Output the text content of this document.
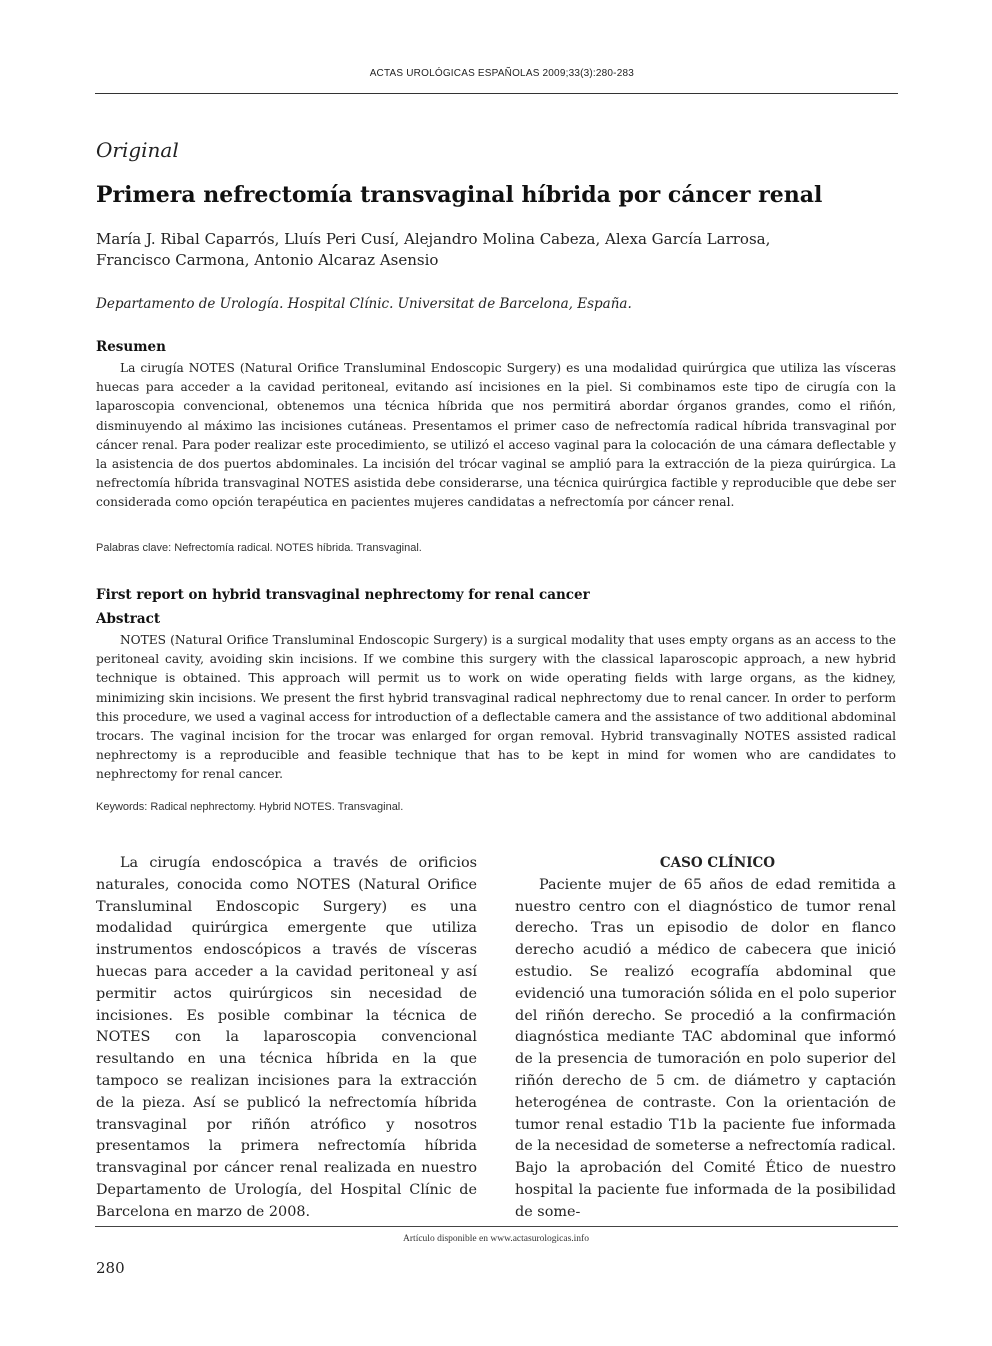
ACTAS UROLÓGICAS ESPAÑOLAS 2009;33(3):280-283
Original
Primera nefrectomía transvaginal híbrida por cáncer renal
María J. Ribal Caparrós, Lluís Peri Cusí, Alejandro Molina Cabeza, Alexa García Larrosa,
Francisco Carmona, Antonio Alcaraz Asensio
Departamento de Urología. Hospital Clínic. Universitat de Barcelona, España.
Resumen

La cirugía NOTES (Natural Orifice Transluminal Endoscopic Surgery) es una modalidad quirúrgica que utiliza las vísceras huecas para acceder a la cavidad peritoneal, evitando así incisiones en la piel. Si combinamos este tipo de cirugía con la laparoscopia convencional, obtenemos una técnica híbrida que nos permitirá abordar órganos grandes, como el riñón, disminuyendo al máximo las incisiones cutáneas. Presentamos el primer caso de nefrectomía radical híbrida transvaginal por cáncer renal. Para poder realizar este procedimiento, se utilizó el acceso vaginal para la colocación de una cámara deflectable y la asistencia de dos puertos abdominales. La incisión del trócar vaginal se amplió para la extracción de la pieza quirúrgica. La nefrectomía híbrida transvaginal NOTES asistida debe considerarse, una técnica quirúrgica factible y reproducible que debe ser considerada como opción terapéutica en pacientes mujeres candidatas a nefrectomía por cáncer renal.

Palabras clave: Nefrectomía radical. NOTES híbrida. Transvaginal.
First report on hybrid transvaginal nephrectomy for renal cancer
Abstract

NOTES (Natural Orifice Transluminal Endoscopic Surgery) is a surgical modality that uses empty organs as an access to the peritoneal cavity, avoiding skin incisions. If we combine this surgery with the classical laparoscopic approach, a new hybrid technique is obtained. This approach will permit us to work on wide operating fields with large organs, as the kidney, minimizing skin incisions. We present the first hybrid transvaginal radical nephrectomy due to renal cancer. In order to perform this procedure, we used a vaginal access for introduction of a deflectable camera and the assistance of two additional abdominal trocars. The vaginal incision for the trocar was enlarged for organ removal. Hybrid transvaginally NOTES assisted radical nephrectomy is a reproducible and feasible technique that has to be kept in mind for women who are candidates to nephrectomy for renal cancer.

Keywords: Radical nephrectomy. Hybrid NOTES. Transvaginal.

La cirugía endoscópica a través de orificios naturales, conocida como NOTES (Natural Orifice Transluminal Endoscopic Surgery) es una modalidad quirúrgica emergente que utiliza instrumentos endoscópicos a través de vísceras huecas para acceder a la cavidad peritoneal y así permitir actos quirúrgicos sin necesidad de incisiones. Es posible combinar la técnica de NOTES con la laparoscopia convencional resultando en una técnica híbrida en la que tampoco se realizan incisiones para la extracción de la pieza. Así se publicó la nefrectomía híbrida transvaginal por riñón atrófico y nosotros presentamos la primera nefrectomía híbrida transvaginal por cáncer renal realizada en nuestro Departamento de Urología, del Hospital Clínic de Barcelona en marzo de 2008.

CASO CLÍNICO

Paciente mujer de 65 años de edad remitida a nuestro centro con el diagnóstico de tumor renal derecho. Tras un episodio de dolor en flanco derecho acudió a médico de cabecera que inició estudio. Se realizó ecografía abdominal que evidenció una tumoración sólida en el polo superior del riñón derecho. Se procedió a la confirmación diagnóstica mediante TAC abdominal que informó de la presencia de tumoración en polo superior del riñón derecho de 5 cm. de diámetro y captación heterogénea de contraste. Con la orientación de tumor renal estadio T1b la paciente fue informada de la necesidad de someterse a nefrectomía radical. Bajo la aprobación del Comité Ético de nuestro hospital la paciente fue informada de la posibilidad de some-

Artículo disponible en www.actasurologicas.info
280
